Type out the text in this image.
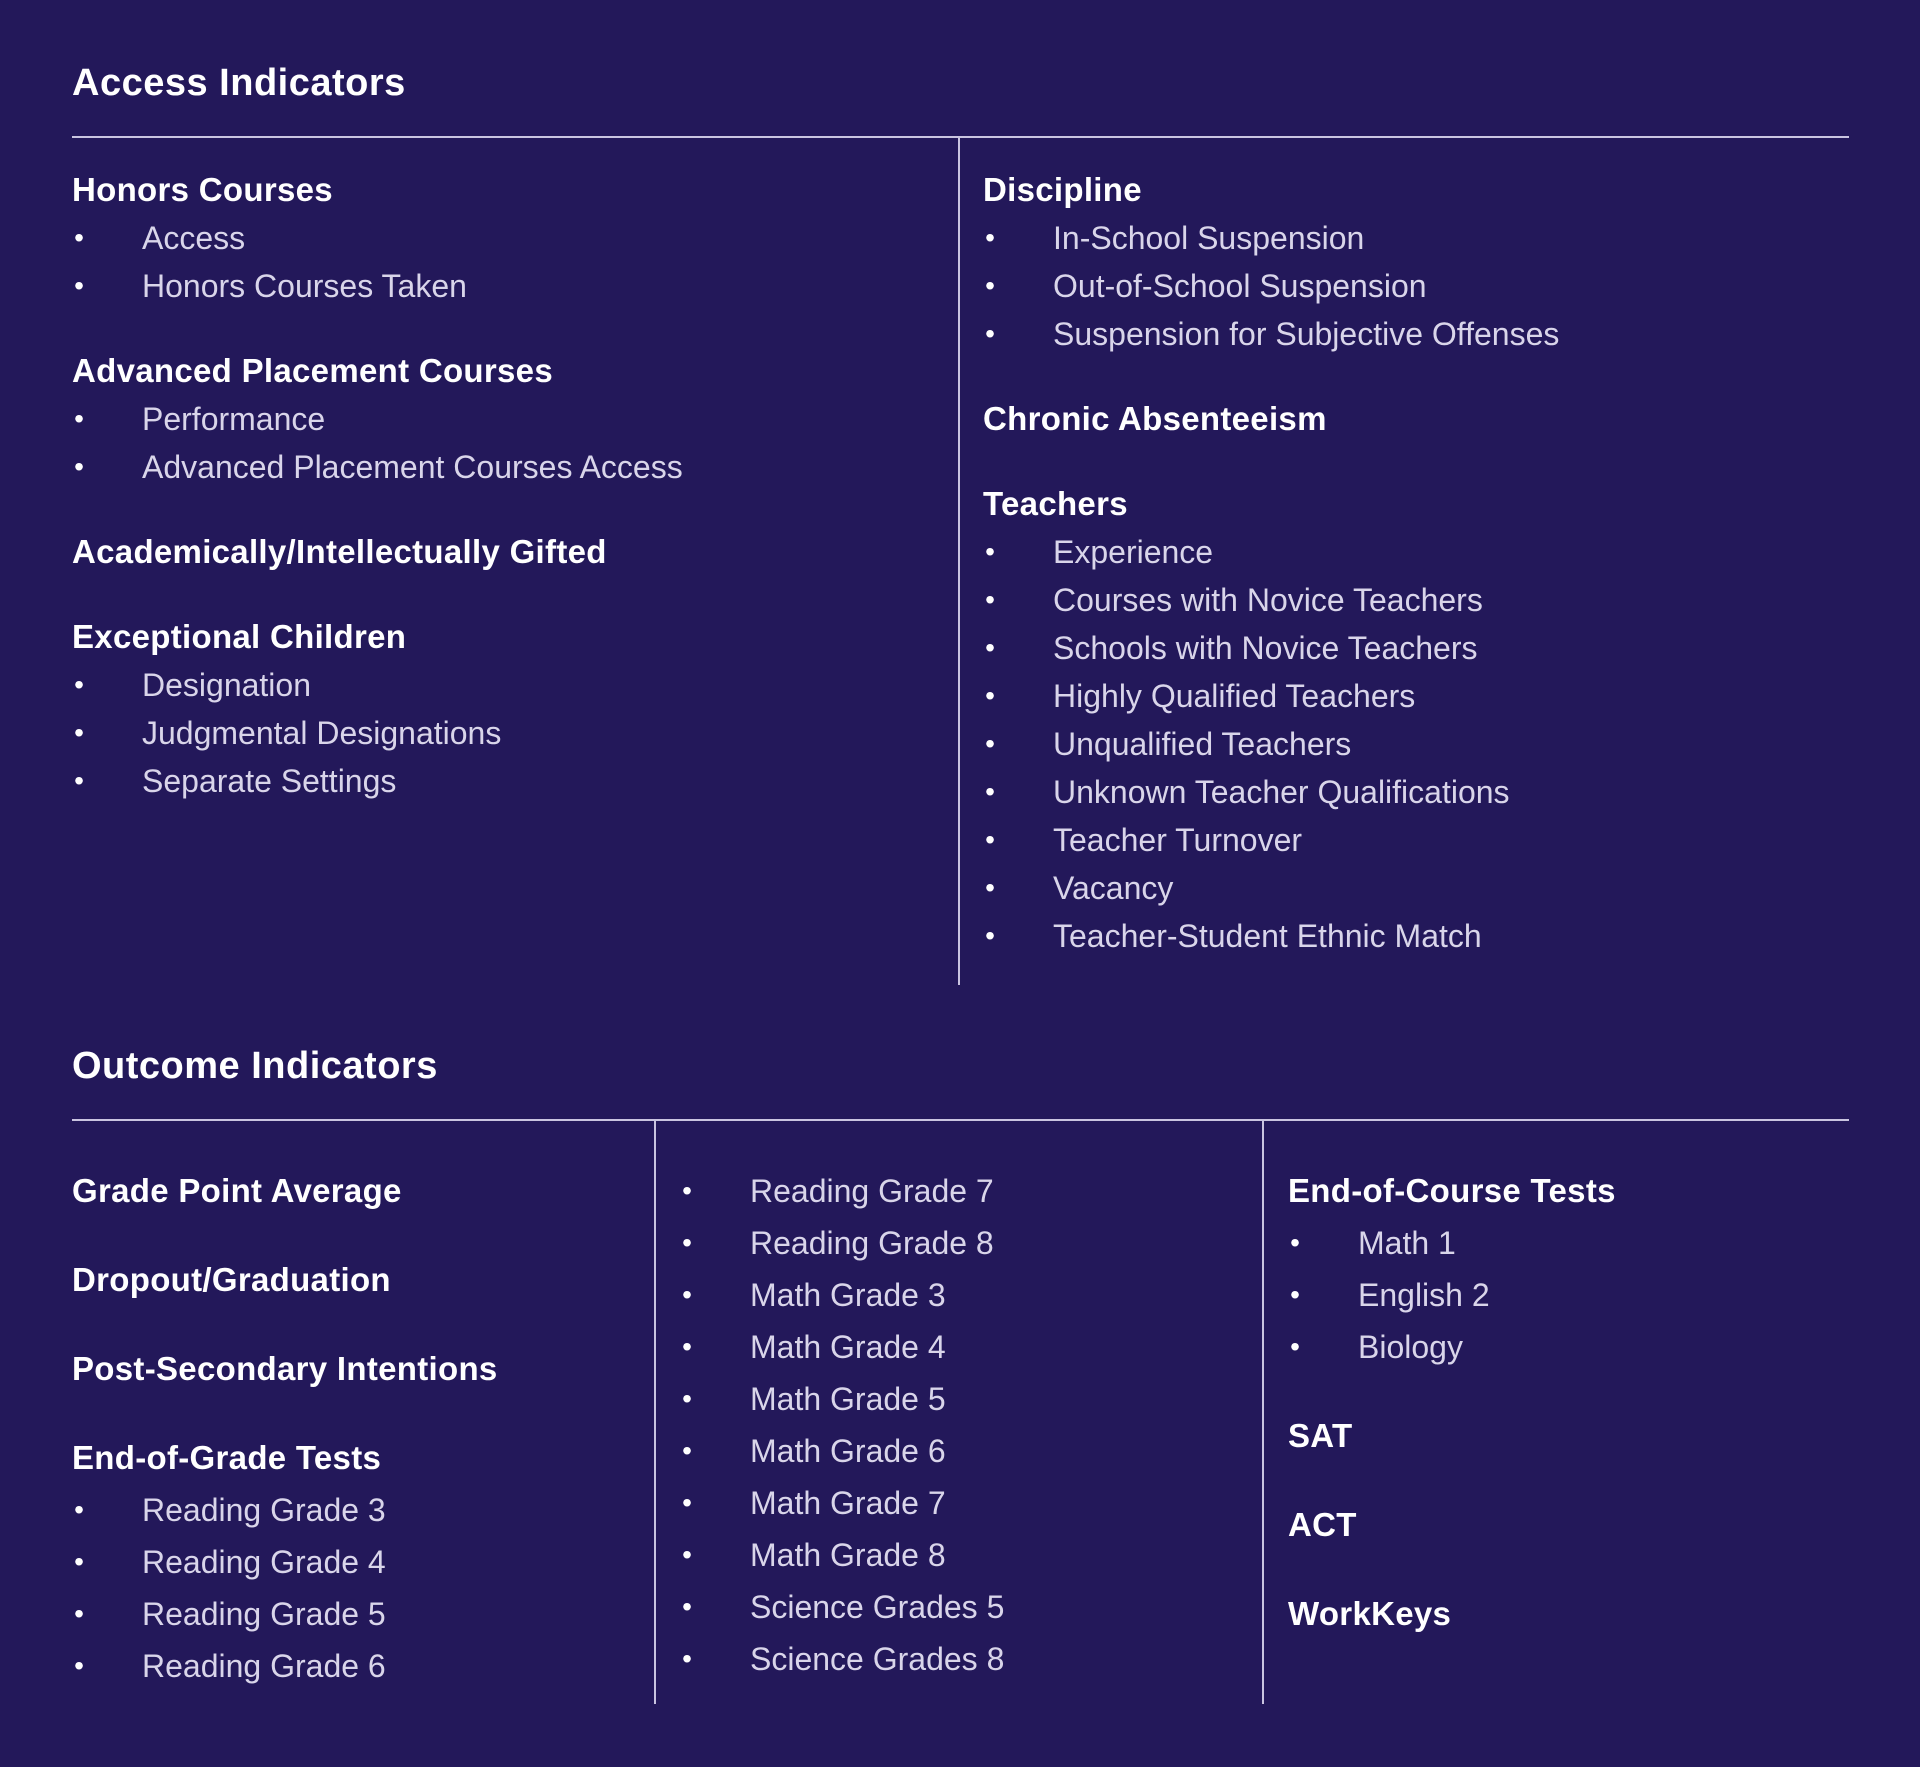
Access Indicators
Honors Courses
• Access
• Honors Courses Taken
Advanced Placement Courses
• Performance
• Advanced Placement Courses Access
Academically/Intellectually Gifted
Exceptional Children
• Designation
• Judgmental Designations
• Separate Settings
Discipline
• In-School Suspension
• Out-of-School Suspension
• Suspension for Subjective Offenses
Chronic Absenteeism
Teachers
• Experience
• Courses with Novice Teachers
• Schools with Novice Teachers
• Highly Qualified Teachers
• Unqualified Teachers
• Unknown Teacher Qualifications
• Teacher Turnover
• Vacancy
• Teacher-Student Ethnic Match
Outcome Indicators
Grade Point Average
Dropout/Graduation
Post-Secondary Intentions
End-of-Grade Tests
• Reading Grade 3
• Reading Grade 4
• Reading Grade 5
• Reading Grade 6
• Reading Grade 7
• Reading Grade 8
• Math Grade 3
• Math Grade 4
• Math Grade 5
• Math Grade 6
• Math Grade 7
• Math Grade 8
• Science Grades 5
• Science Grades 8
End-of-Course Tests
• Math 1
• English 2
• Biology
SAT
ACT
WorkKeys
